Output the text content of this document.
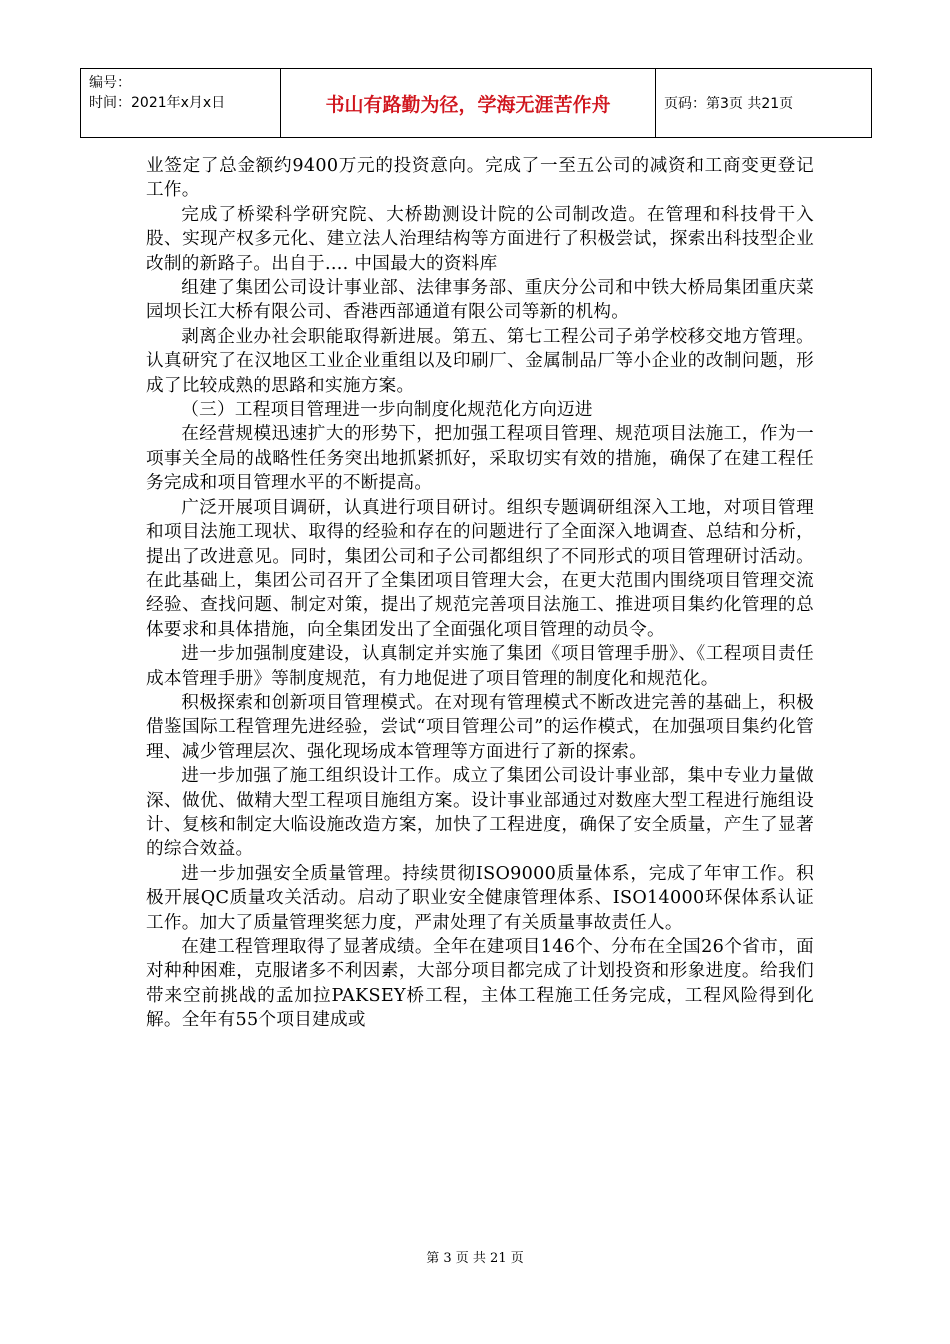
编号：
时间：2021年x月x日	书山有路勤为径，学海无涯苦作舟	页码：第3页 共21页

业签定了总金额约9400万元的投资意向。完成了一至五公司的减资和工商变更登记工作。

完成了桥梁科学研究院、大桥勘测设计院的公司制改造。在管理和科技骨干入股、实现产权多元化、建立法人治理结构等方面进行了积极尝试，探索出科技型企业改制的新路子。出自于.... 中国最大的资料库

组建了集团公司设计事业部、法律事务部、重庆分公司和中铁大桥局集团重庆菜园坝长江大桥有限公司、香港西部通道有限公司等新的机构。

剥离企业办社会职能取得新进展。第五、第七工程公司子弟学校移交地方管理。认真研究了在汉地区工业企业重组以及印刷厂、金属制品厂等小企业的改制问题，形成了比较成熟的思路和实施方案。

（三）工程项目管理进一步向制度化规范化方向迈进

在经营规模迅速扩大的形势下，把加强工程项目管理、规范项目法施工，作为一项事关全局的战略性任务突出地抓紧抓好，采取切实有效的措施，确保了在建工程任务完成和项目管理水平的不断提高。

广泛开展项目调研，认真进行项目研讨。组织专题调研组深入工地，对项目管理和项目法施工现状、取得的经验和存在的问题进行了全面深入地调查、总结和分析，提出了改进意见。同时，集团公司和子公司都组织了不同形式的项目管理研讨活动。在此基础上，集团公司召开了全集团项目管理大会，在更大范围内围绕项目管理交流经验、查找问题、制定对策，提出了规范完善项目法施工、推进项目集约化管理的总体要求和具体措施，向全集团发出了全面强化项目管理的动员令。

进一步加强制度建设，认真制定并实施了集团《项目管理手册》、《工程项目责任成本管理手册》等制度规范，有力地促进了项目管理的制度化和规范化。

积极探索和创新项目管理模式。在对现有管理模式不断改进完善的基础上，积极借鉴国际工程管理先进经验，尝试“项目管理公司”的运作模式，在加强项目集约化管理、减少管理层次、强化现场成本管理等方面进行了新的探索。

进一步加强了施工组织设计工作。成立了集团公司设计事业部，集中专业力量做深、做优、做精大型工程项目施组方案。设计事业部通过对数座大型工程进行施组设计、复核和制定大临设施改造方案，加快了工程进度，确保了安全质量，产生了显著的综合效益。

进一步加强安全质量管理。持续贯彻ISO9000质量体系，完成了年审工作。积极开展QC质量攻关活动。启动了职业安全健康管理体系、ISO14000环保体系认证工作。加大了质量管理奖惩力度，严肃处理了有关质量事故责任人。

在建工程管理取得了显著成绩。全年在建项目146个、分布在全国26个省市，面对种种困难，克服诸多不利因素，大部分项目都完成了计划投资和形象进度。给我们带来空前挑战的孟加拉PAKSEY桥工程，主体工程施工任务完成，工程风险得到化解。全年有55个项目建成或

第 3 页 共 21 页
